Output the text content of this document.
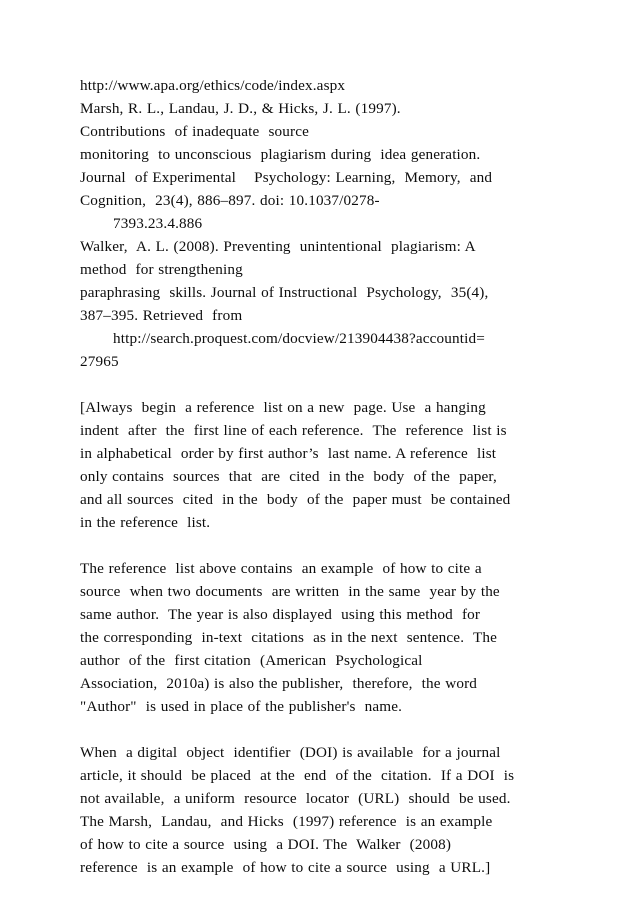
http://www.apa.org/ethics/code/index.aspx
Marsh, R. L., Landau, J. D., & Hicks, J. L. (1997).
Contributions  of inadequate  source
monitoring  to unconscious  plagiarism during  idea generation.
Journal  of Experimental    Psychology: Learning,  Memory,  and
Cognition,  23(4), 886–897. doi: 10.1037/0278-
7393.23.4.886
Walker,  A. L. (2008). Preventing  unintentional  plagiarism: A
method  for strengthening
paraphrasing  skills. Journal of Instructional  Psychology,  35(4),
387–395. Retrieved  from
http://search.proquest.com/docview/213904438?accountid=
27965
[Always  begin  a reference  list on a new  page. Use  a hanging
indent  after  the  first line of each reference.  The  reference  list is
in alphabetical  order by first author’s  last name. A reference  list
only contains  sources  that  are  cited  in the  body  of the  paper,
and all sources  cited  in the  body  of the  paper must  be contained
in the reference  list.
The reference  list above contains  an example  of how to cite a
source  when two documents  are written  in the same  year by the
same author.  The year is also displayed  using this method  for
the corresponding  in-text  citations  as in the next  sentence.  The
author  of the  first citation  (American  Psychological
Association,  2010a) is also the publisher,  therefore,  the word
"Author"  is used in place of the publisher's  name.
When  a digital  object  identifier  (DOI) is available  for a journal
article, it should  be placed  at the  end  of the  citation.  If a DOI  is
not available,  a uniform  resource  locator  (URL)  should  be used.
The Marsh,  Landau,  and Hicks  (1997) reference  is an example
of how to cite a source  using  a DOI. The  Walker  (2008)
reference  is an example  of how to cite a source  using  a URL.]
